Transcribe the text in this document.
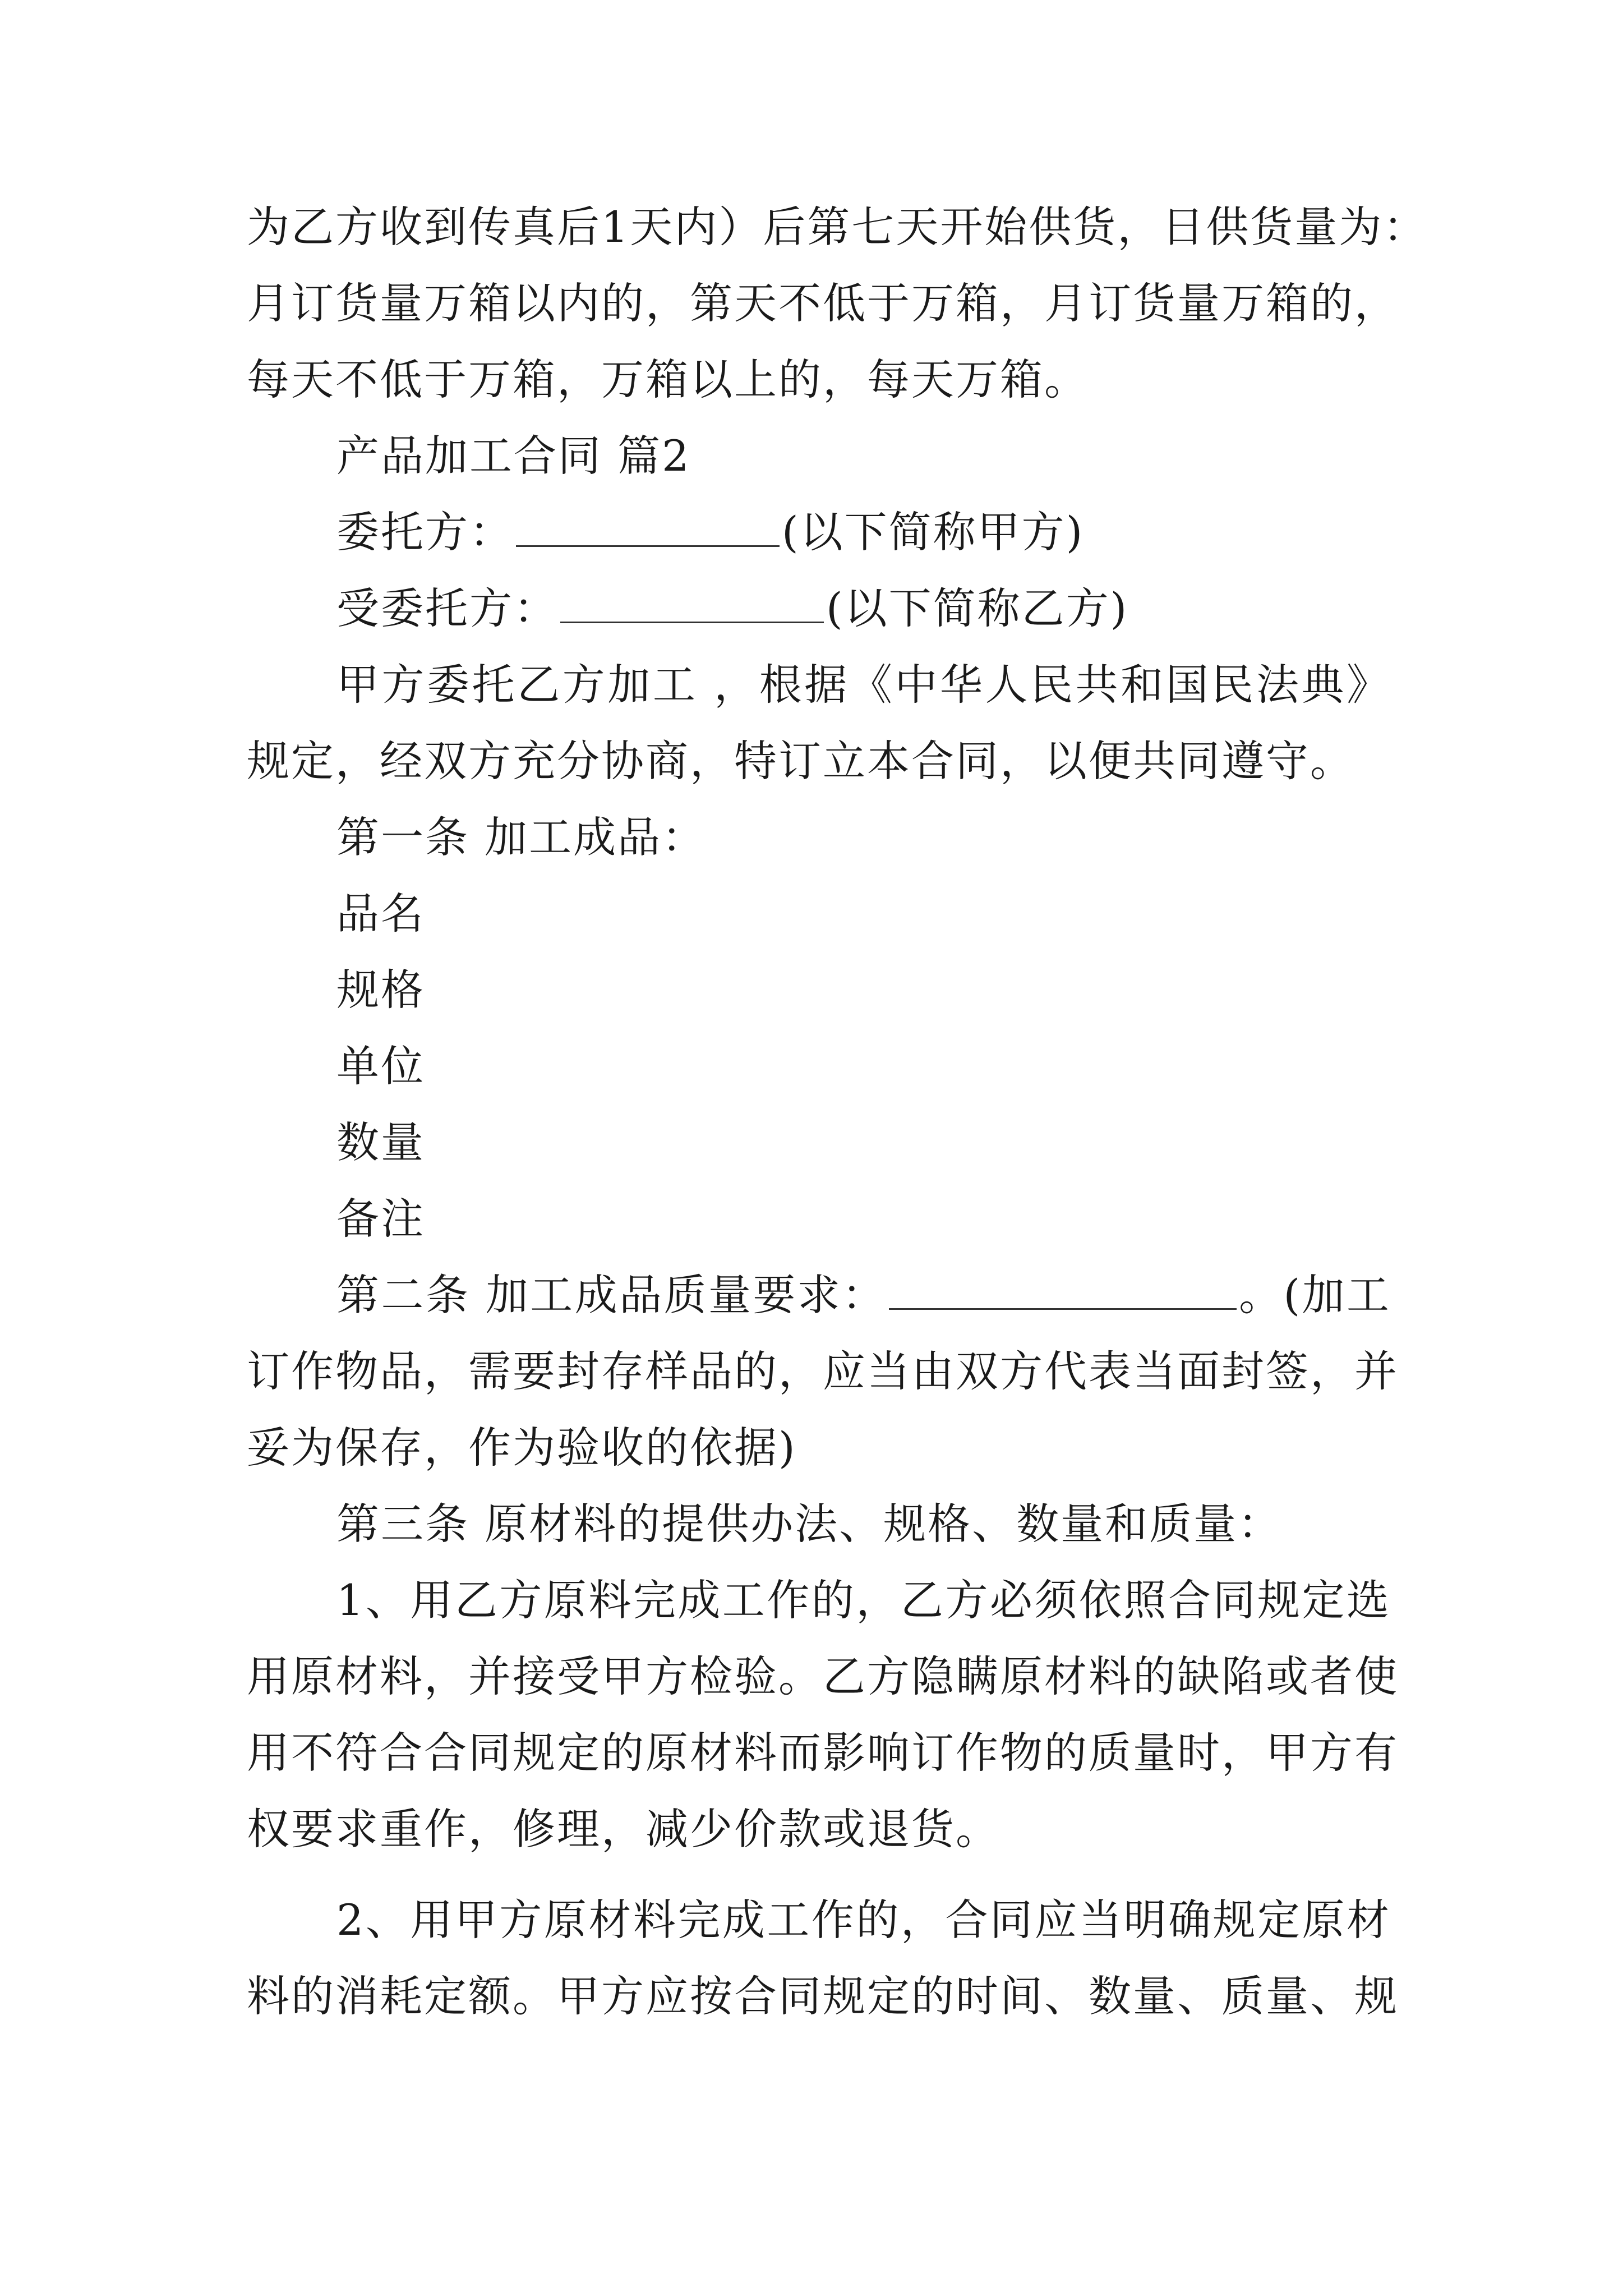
为乙方收到传真后1天内）后第七天开始供货，日供货量为：
月订货量万箱以内的，第天不低于万箱，月订货量万箱的，
每天不低于万箱，万箱以上的，每天万箱。
产品加工合同 篇2
委托方：	(以下简称甲方)
受委托方：	(以下简称乙方)
甲方委托乙方加工 ，根据《中华人民共和国民法典》
规定，经双方充分协商，特订立本合同，以便共同遵守。
第一条 加工成品：
品名
规格
单位
数量
备注
第二条 加工成品质量要求：	。(加工
订作物品，需要封存样品的，应当由双方代表当面封签，并
妥为保存，作为验收的依据)
第三条 原材料的提供办法、规格、数量和质量：
1、用乙方原料完成工作的，乙方必须依照合同规定选
用原材料，并接受甲方检验。乙方隐瞒原材料的缺陷或者使
用不符合合同规定的原材料而影响订作物的质量时，甲方有
权要求重作，修理，减少价款或退货。
2、用甲方原材料完成工作的，合同应当明确规定原材
料的消耗定额。甲方应按合同规定的时间、数量、质量、规
